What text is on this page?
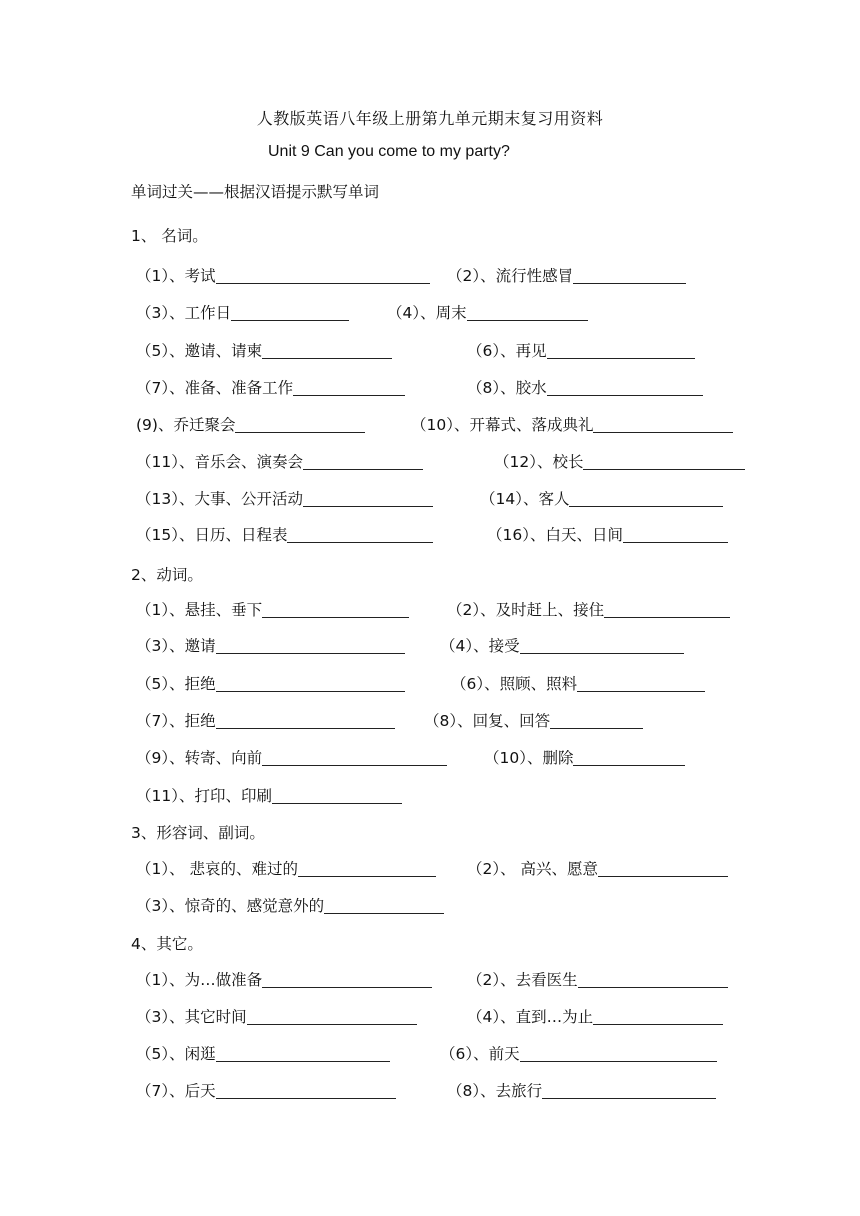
人教版英语八年级上册第九单元期末复习用资料
Unit 9 Can you come to my party?
单词过关——根据汉语提示默写单词
1、 名词。
2、动词。
3、形容词、副词。
4、其它。
（1）、考试	（2）、流行性感冒
（3）、工作日	（4）、周末
（5）、邀请、请柬	（6）、再见
（7）、准备、准备工作	（8）、胶水
(9)、乔迁聚会	（10）、开幕式、落成典礼
（11）、音乐会、演奏会	（12）、校长
（13）、大事、公开活动	（14）、客人
（15）、日历、日程表	（16）、白天、日间
（1）、悬挂、垂下	（2）、及时赶上、接住
（3）、邀请	（4）、接受
（5）、拒绝	（6）、照顾、照料
（7）、拒绝	（8）、回复、回答
（9）、转寄、向前	（10）、删除
（11）、打印、印刷
（1）、 悲哀的、难过的	（2）、 高兴、愿意
（3）、惊奇的、感觉意外的
（1）、为…做准备	（2）、去看医生
（3）、其它时间	（4）、直到…为止
（5）、闲逛	（6）、前天
（7）、后天	（8）、去旅行
